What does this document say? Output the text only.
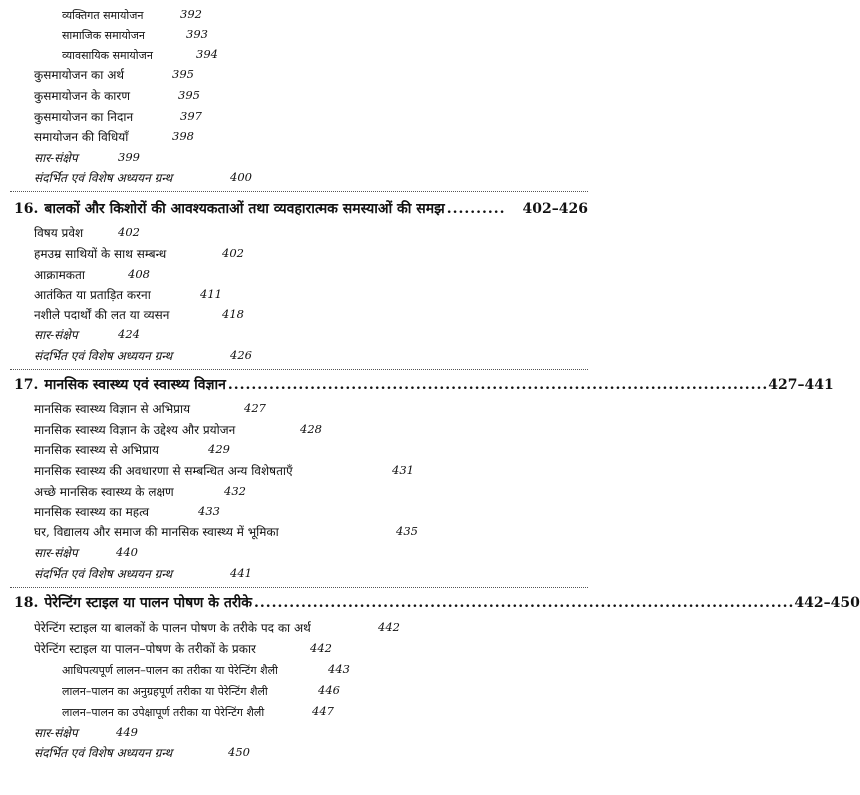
व्यक्तिगत समायोजन	392
सामाजिक समायोजन	393
व्यावसायिक समायोजन	394
कुसमायोजन का अर्थ	395
कुसमायोजन के कारण	395
कुसमायोजन का निदान	397
समायोजन की विधियाँ	398
सार-संक्षेप	399
संदर्भित एवं विशेष अध्ययन ग्रन्थ	400
16. बालकों और किशोरों की आवश्यकताओं तथा व्यवहारात्मक समस्याओं की समझ ..........	402–426
विषय प्रवेश	402
हमउम्र साथियों के साथ सम्बन्ध	402
आक्रामकता	408
आतंकित या प्रताड़ित करना	411
नशीले पदार्थों की लत या व्यसन	418
सार-संक्षेप	424
संदर्भित एवं विशेष अध्ययन ग्रन्थ	426
17. मानसिक स्वास्थ्य एवं स्वास्थ्य विज्ञान ............................................................................................ 427–441
मानसिक स्वास्थ्य विज्ञान से अभिप्राय	427
मानसिक स्वास्थ्य विज्ञान के उद्देश्य और प्रयोजन	428
मानसिक स्वास्थ्य से अभिप्राय	429
मानसिक स्वास्थ्य की अवधारणा से सम्बन्धित अन्य विशेषताएँ	431
अच्छे मानसिक स्वास्थ्य के लक्षण	432
मानसिक स्वास्थ्य का महत्व	433
घर, विद्यालय और समाज की मानसिक स्वास्थ्य में भूमिका	435
सार-संक्षेप	440
संदर्भित एवं विशेष अध्ययन ग्रन्थ	441
18. पेरेन्टिंग स्टाइल या पालन पोषण के तरीके ............................................................................................ 442–450
पेरेन्टिंग स्टाइल या बालकों के पालन पोषण के तरीके पद का अर्थ	442
पेरेन्टिंग स्टाइल या पालन–पोषण के तरीकों के प्रकार	442
आधिपत्यपूर्ण लालन–पालन का तरीका या पेरेन्टिंग शैली	443
लालन–पालन का अनुग्रहपूर्ण तरीका या पेरेन्टिंग शैली	446
लालन–पालन का उपेक्षापूर्ण तरीका या पेरेन्टिंग शैली	447
सार-संक्षेप	449
संदर्भित एवं विशेष अध्ययन ग्रन्थ	450
